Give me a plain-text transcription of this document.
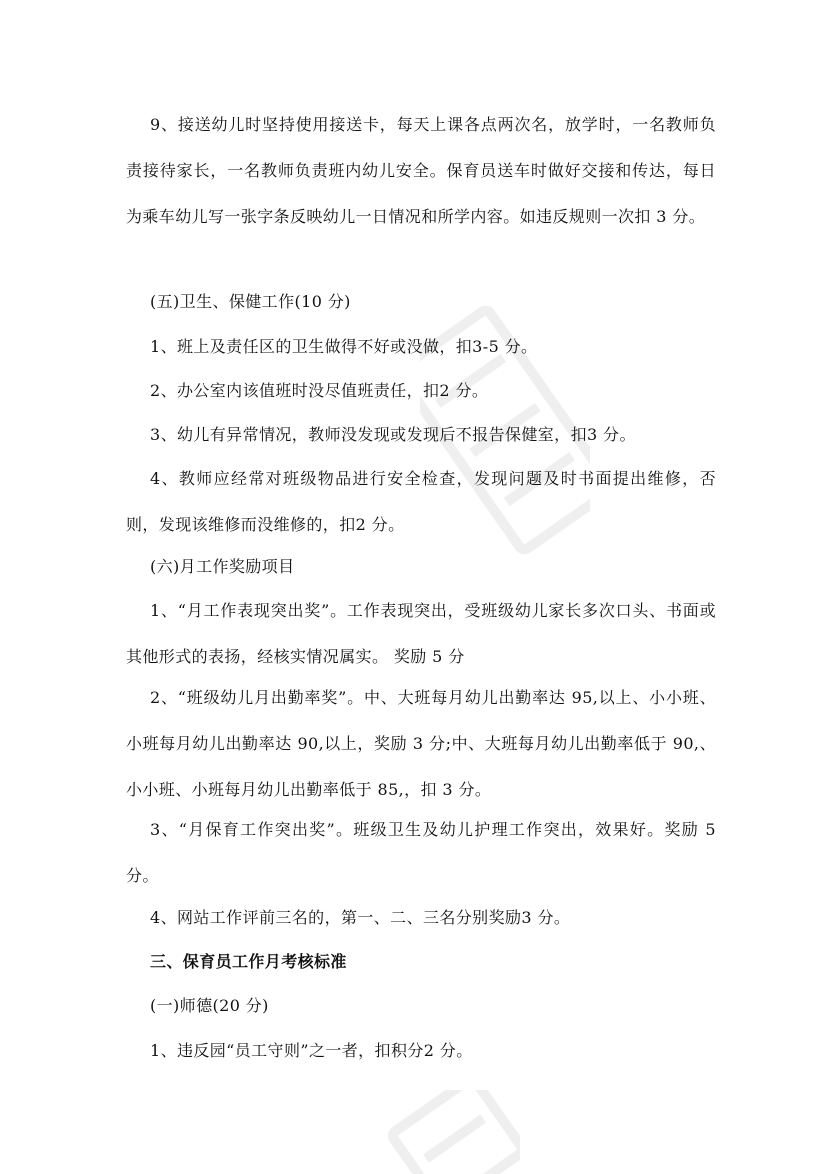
9、接送幼儿时坚持使用接送卡，每天上课各点两次名，放学时，一名教师负责接待家长，一名教师负责班内幼儿安全。保育员送车时做好交接和传达，每日为乘车幼儿写一张字条反映幼儿一日情况和所学内容。如违反规则一次扣 3 分。

(五)卫生、保健工作(10 分)

1、班上及责任区的卫生做得不好或没做，扣3-5 分。

2、办公室内该值班时没尽值班责任，扣2 分。

3、幼儿有异常情况，教师没发现或发现后不报告保健室，扣3 分。

4、教师应经常对班级物品进行安全检查，发现问题及时书面提出维修，否则，发现该维修而没维修的，扣2 分。

(六)月工作奖励项目

1、“月工作表现突出奖”。工作表现突出，受班级幼儿家长多次口头、书面或其他形式的表扬，经核实情况属实。 奖励 5 分

2、“班级幼儿月出勤率奖”。中、大班每月幼儿出勤率达 95,以上、小小班、小班每月幼儿出勤率达 90,以上，奖励 3 分;中、大班每月幼儿出勤率低于 90,、小小班、小班每月幼儿出勤率低于 85,，扣 3 分。

3、“月保育工作突出奖”。班级卫生及幼儿护理工作突出，效果好。奖励 5 分。

4、网站工作评前三名的，第一、二、三名分别奖励3 分。

三、保育员工作月考核标准

(一)师德(20 分)

1、违反园“员工守则”之一者，扣积分2 分。
